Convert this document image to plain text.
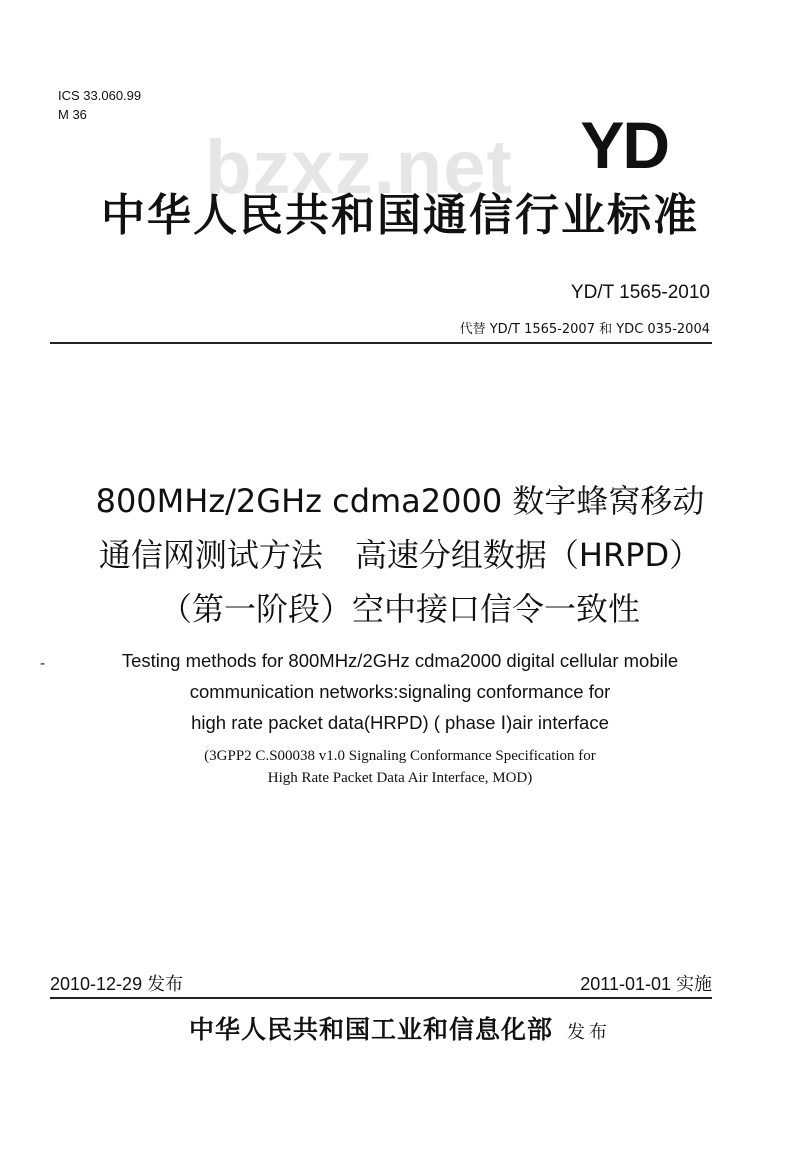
ICS 33.060.99
M 36
bzxz.net YD
中华人民共和国通信行业标准
YD/T 1565-2010
代替 YD/T 1565-2007 和 YDC 035-2004
800MHz/2GHz cdma2000 数字蜂窝移动
通信网测试方法　高速分组数据（HRPD）
（第一阶段）空中接口信令一致性
-	Testing methods for 800MHz/2GHz cdma2000 digital cellular mobile
communication networks:signaling conformance for
high rate packet data(HRPD) ( phase Ⅰ)air interface
(3GPP2 C.S00038 v1.0 Signaling Conformance Specification for
High Rate Packet Data Air Interface, MOD)
2010-12-29 发布	2011-01-01 实施
中华人民共和国工业和信息化部 发布
